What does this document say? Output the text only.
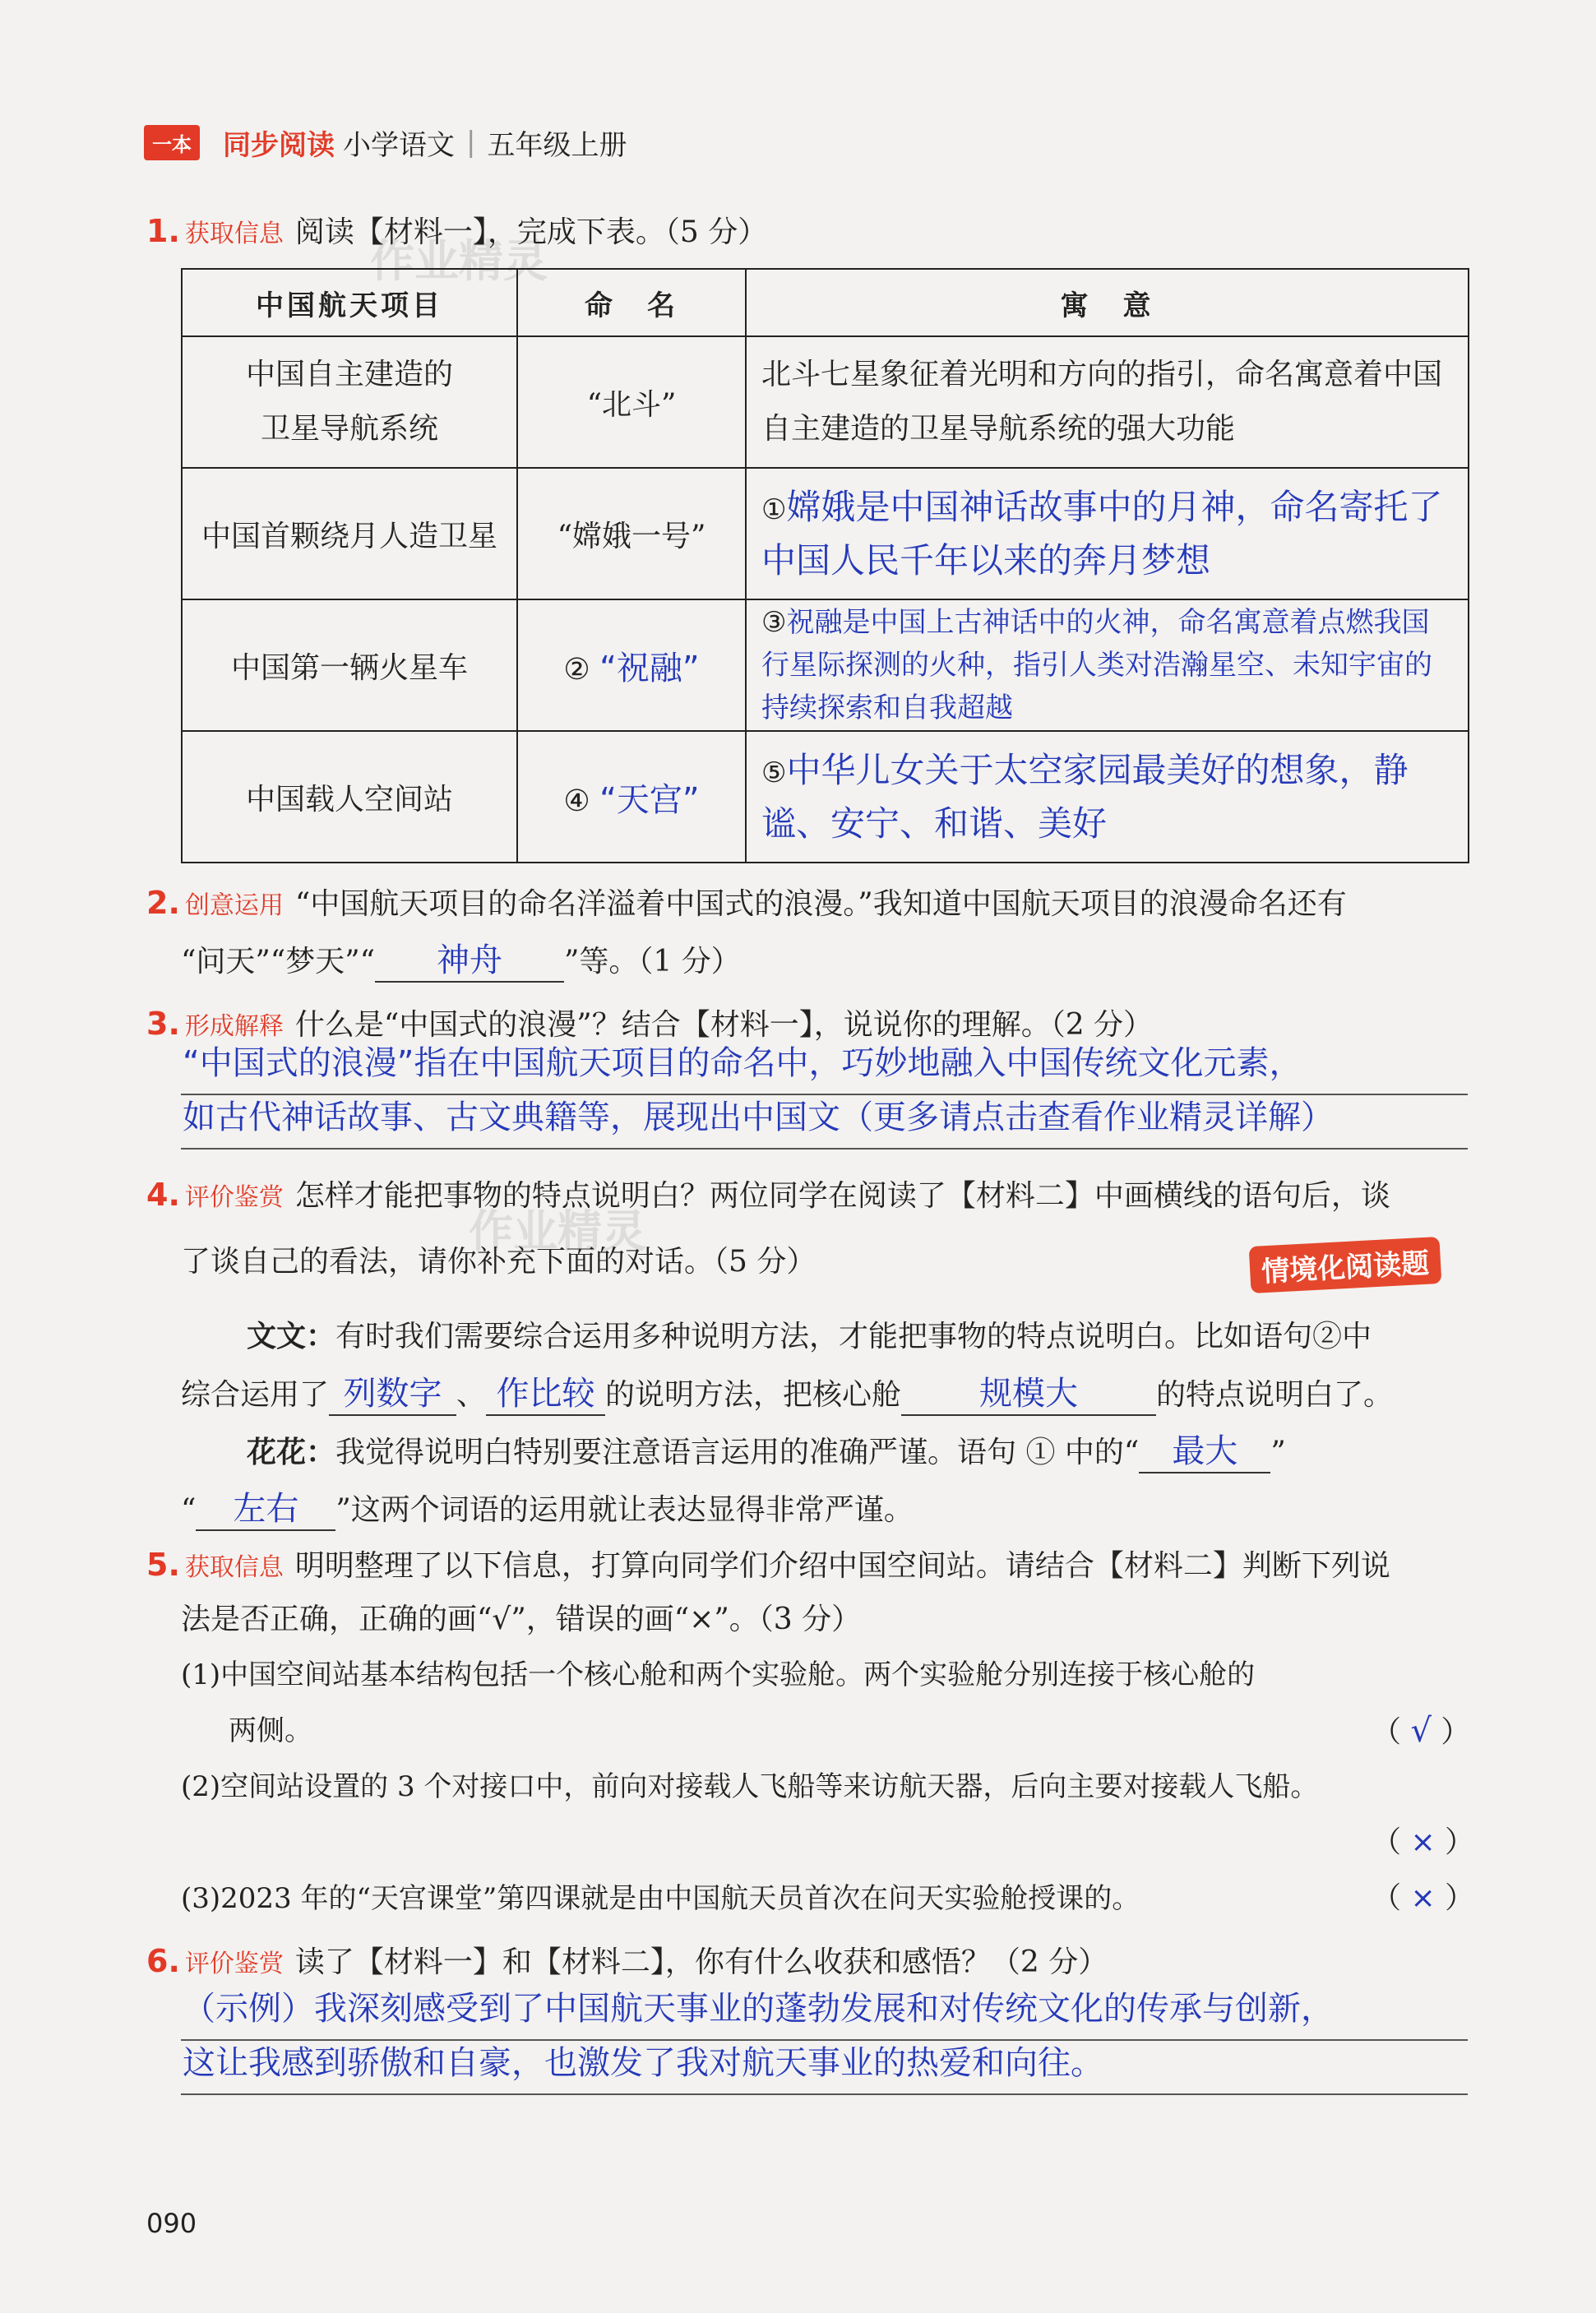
作业精灵
作业精灵
一本 同步阅读 小学语文 | 五年级上册
1. 获取信息 阅读【材料一】，完成下表。（5 分）
中国航天项目	命　名	寓　意
中国自主建造的卫星导航系统	“北斗”	北斗七星象征着光明和方向的指引，命名寓意着中国自主建造的卫星导航系统的强大功能
中国首颗绕月人造卫星	“嫦娥一号”	①嫦娥是中国神话故事中的月神，命名寄托了中国人民千年以来的奔月梦想
中国第一辆火星车	② “祝融”	③祝融是中国上古神话中的火神，命名寓意着点燃我国行星际探测的火种，指引人类对浩瀚星空、未知宇宙的持续探索和自我超越
中国载人空间站	④ “天宫”	⑤中华儿女关于太空家园最美好的想象，静谧、安宁、和谐、美好
2. 创意运用 “中国航天项目的命名洋溢着中国式的浪漫。”我知道中国航天项目的浪漫命名还有
“问天”“梦天”“ 神舟 ”等。（1 分）
3. 形成解释 什么是“中国式的浪漫”？结合【材料一】，说说你的理解。（2 分）
“中国式的浪漫”指在中国航天项目的命名中，巧妙地融入中国传统文化元素，
如古代神话故事、古文典籍等，展现出中国文（更多请点击查看作业精灵详解）
4. 评价鉴赏 怎样才能把事物的特点说明白？两位同学在阅读了【材料二】中画横线的语句后，谈
了谈自己的看法，请你补充下面的对话。（5 分）	情境化阅读题
文文：有时我们需要综合运用多种说明方法，才能把事物的特点说明白。比如语句②中
综合运用了 列数字 、 作比较 的说明方法，把核心舱 规模大	的特点说明白了。
花花：我觉得说明白特别要注意语言运用的准确严谨。语句 ① 中的“ 最大 ”
“ 左右 ”这两个词语的运用就让表达显得非常严谨。
5. 获取信息 明明整理了以下信息，打算向同学们介绍中国空间站。请结合【材料二】判断下列说
法是否正确，正确的画“√”，错误的画“×”。（3 分）
(1)中国空间站基本结构包括一个核心舱和两个实验舱。两个实验舱分别连接于核心舱的
两侧。	（ √ ）
(2)空间站设置的 3 个对接口中，前向对接载人飞船等来访航天器，后向主要对接载人飞船。
（ × ）
(3)2023 年的“天宫课堂”第四课就是由中国航天员首次在问天实验舱授课的。	（ × ）
6. 评价鉴赏 读了【材料一】和【材料二】，你有什么收获和感悟？（2 分）
（示例）我深刻感受到了中国航天事业的蓬勃发展和对传统文化的传承与创新，
这让我感到骄傲和自豪，也激发了我对航天事业的热爱和向往。
090
